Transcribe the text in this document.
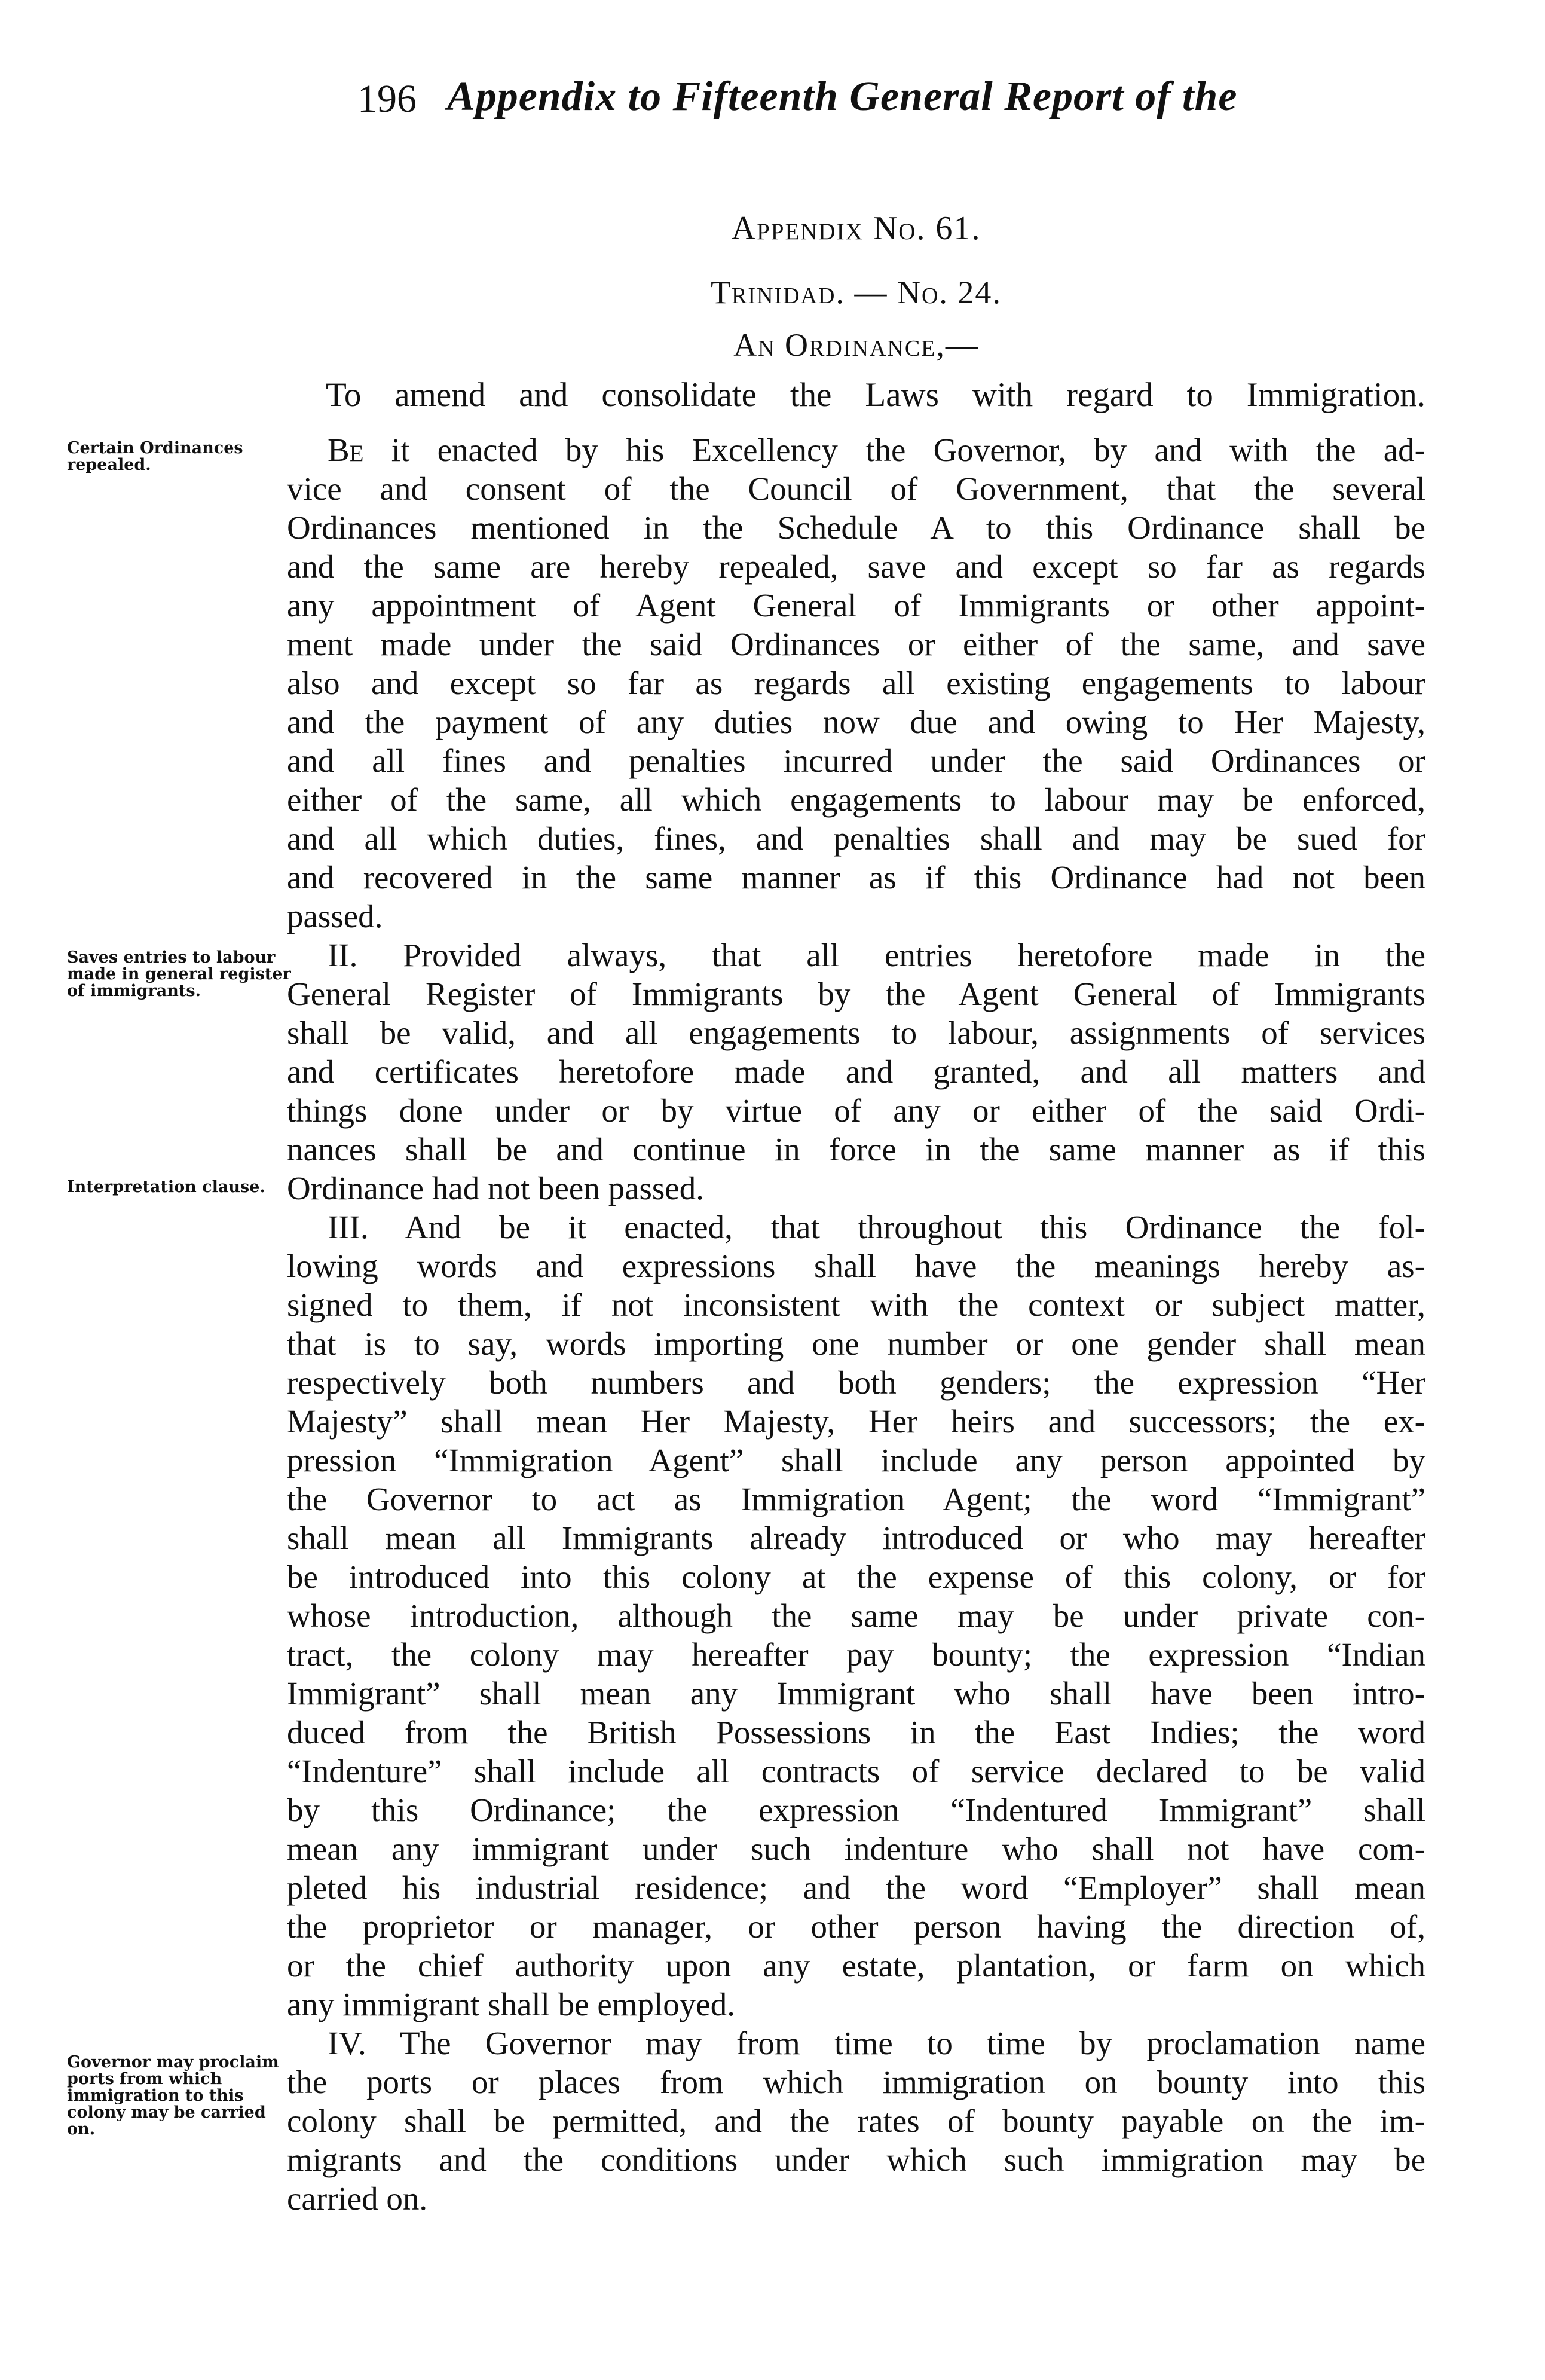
196 Appendix to Fifteenth General Report of the
Appendix No. 61.
Trinidad. — No. 24.
An Ordinance,—
To amend and consolidate the Laws with regard to Immigration.
Certain Ordinances repealed.
Saves entries to labour made in general register of immigrants.
Interpretation clause.
Governor may proclaim ports from which immigration to this colony may be carried on.
Be it enacted by his Excellency the Governor, by and with the ad-
vice and consent of the Council of Government, that the several
Ordinances mentioned in the Schedule A to this Ordinance shall be
and the same are hereby repealed, save and except so far as regards
any appointment of Agent General of Immigrants or other appoint-
ment made under the said Ordinances or either of the same, and save
also and except so far as regards all existing engagements to labour
and the payment of any duties now due and owing to Her Majesty,
and all fines and penalties incurred under the said Ordinances or
either of the same, all which engagements to labour may be enforced,
and all which duties, fines, and penalties shall and may be sued for
and recovered in the same manner as if this Ordinance had not been
passed.
II. Provided always, that all entries heretofore made in the
General Register of Immigrants by the Agent General of Immigrants
shall be valid, and all engagements to labour, assignments of services
and certificates heretofore made and granted, and all matters and
things done under or by virtue of any or either of the said Ordi-
nances shall be and continue in force in the same manner as if this
Ordinance had not been passed.
III. And be it enacted, that throughout this Ordinance the fol-
lowing words and expressions shall have the meanings hereby as-
signed to them, if not inconsistent with the context or subject matter,
that is to say, words importing one number or one gender shall mean
respectively both numbers and both genders; the expression “Her
Majesty” shall mean Her Majesty, Her heirs and successors; the ex-
pression “Immigration Agent” shall include any person appointed by
the Governor to act as Immigration Agent; the word “Immigrant”
shall mean all Immigrants already introduced or who may hereafter
be introduced into this colony at the expense of this colony, or for
whose introduction, although the same may be under private con-
tract, the colony may hereafter pay bounty; the expression “Indian
Immigrant” shall mean any Immigrant who shall have been intro-
duced from the British Possessions in the East Indies; the word
“Indenture” shall include all contracts of service declared to be valid
by this Ordinance; the expression “Indentured Immigrant” shall
mean any immigrant under such indenture who shall not have com-
pleted his industrial residence; and the word “Employer” shall mean
the proprietor or manager, or other person having the direction of,
or the chief authority upon any estate, plantation, or farm on which
any immigrant shall be employed.
IV. The Governor may from time to time by proclamation name
the ports or places from which immigration on bounty into this
colony shall be permitted, and the rates of bounty payable on the im-
migrants and the conditions under which such immigration may be
carried on.
